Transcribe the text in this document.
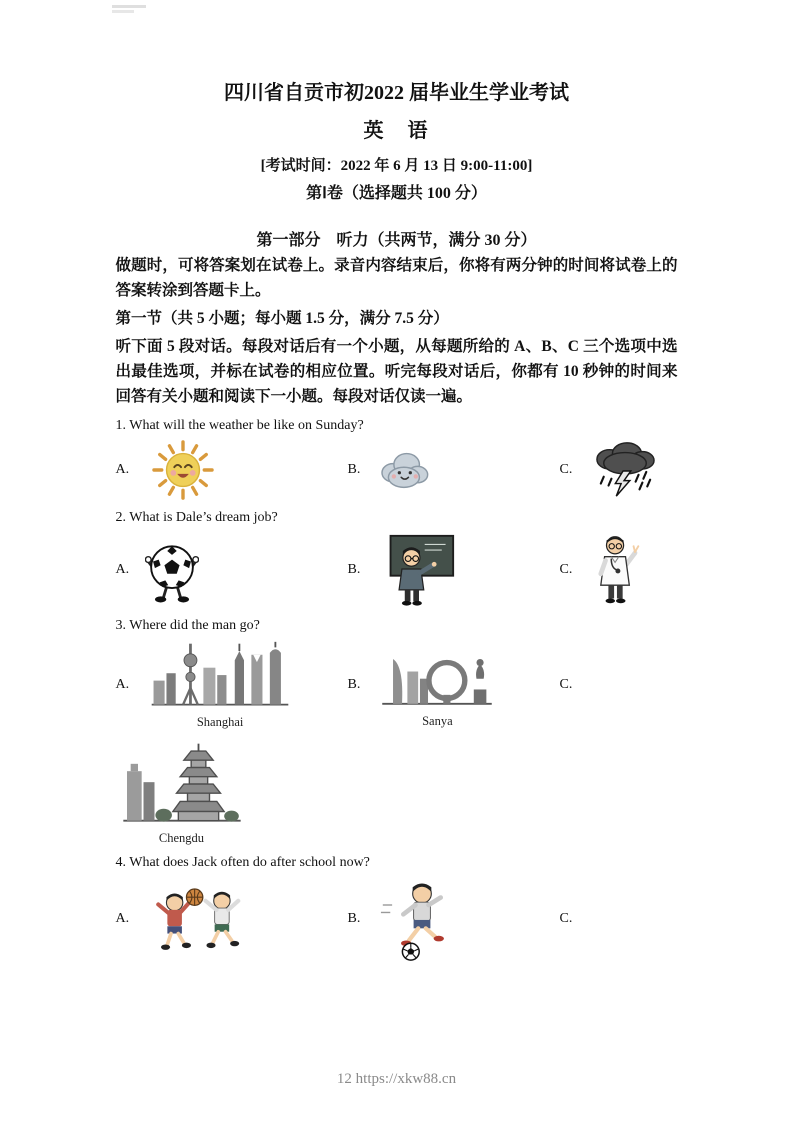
四川省自贡市初2022 届毕业生学业考试
英　语

[考试时间：2022 年 6 月 13 日 9:00-11:00]

第Ⅰ卷（选择题共 100 分）

第一部分　听力（共两节，满分 30 分）

做题时，可将答案划在试卷上。录音内容结束后，你将有两分钟的时间将试卷上的答案转涂到答题卡上。

第一节（共 5 小题；每小题 1.5 分，满分 7.5 分）

听下面 5 段对话。每段对话后有一个小题，从每题所给的 A、B、C 三个选项中选出最佳选项，并标在试卷的相应位置。听完每段对话后，你都有 10 秒钟的时间来回答有关小题和阅读下一小题。每段对话仅读一遍。

1. What will the weather be like on Sunday?

A.	B.	C.

2. What is Dale’s dream job?

A.	B.	C.

3. Where did the man go?

A.
Shanghai
B.
Sanya
C.
Chengdu

4. What does Jack often do after school now?

A.	B.	C.
12 https://xkw88.cn
